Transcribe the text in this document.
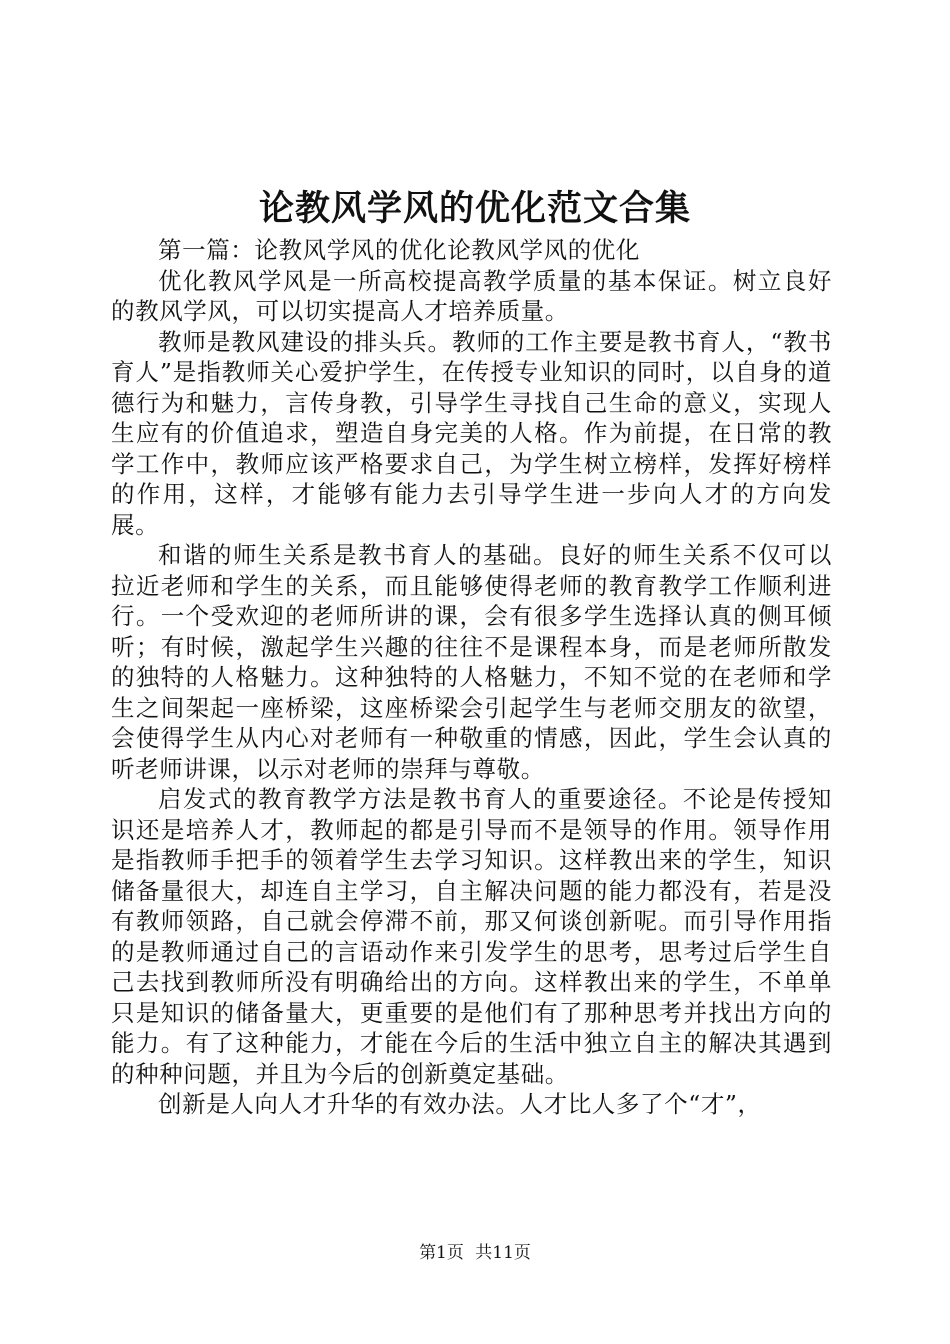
论教风学风的优化范文合集

第一篇：论教风学风的优化论教风学风的优化

优化教风学风是一所高校提高教学质量的基本保证。树立良好的教风学风，可以切实提高人才培养质量。

教师是教风建设的排头兵。教师的工作主要是教书育人，“教书育人”是指教师关心爱护学生，在传授专业知识的同时，以自身的道德行为和魅力，言传身教，引导学生寻找自己生命的意义，实现人生应有的价值追求，塑造自身完美的人格。作为前提，在日常的教学工作中，教师应该严格要求自己，为学生树立榜样，发挥好榜样的作用，这样，才能够有能力去引导学生进一步向人才的方向发展。

和谐的师生关系是教书育人的基础。良好的师生关系不仅可以拉近老师和学生的关系，而且能够使得老师的教育教学工作顺利进行。一个受欢迎的老师所讲的课，会有很多学生选择认真的侧耳倾听；有时候，激起学生兴趣的往往不是课程本身，而是老师所散发的独特的人格魅力。这种独特的人格魅力，不知不觉的在老师和学生之间架起一座桥梁，这座桥梁会引起学生与老师交朋友的欲望，会使得学生从内心对老师有一种敬重的情感，因此，学生会认真的听老师讲课，以示对老师的崇拜与尊敬。

启发式的教育教学方法是教书育人的重要途径。不论是传授知识还是培养人才，教师起的都是引导而不是领导的作用。领导作用是指教师手把手的领着学生去学习知识。这样教出来的学生，知识储备量很大，却连自主学习，自主解决问题的能力都没有，若是没有教师领路，自己就会停滞不前，那又何谈创新呢。而引导作用指的是教师通过自己的言语动作来引发学生的思考，思考过后学生自己去找到教师所没有明确给出的方向。这样教出来的学生，不单单只是知识的储备量大，更重要的是他们有了那种思考并找出方向的能力。有了这种能力，才能在今后的生活中独立自主的解决其遇到的种种问题，并且为今后的创新奠定基础。

创新是人向人才升华的有效办法。人才比人多了个“才”，

第1页 共11页
